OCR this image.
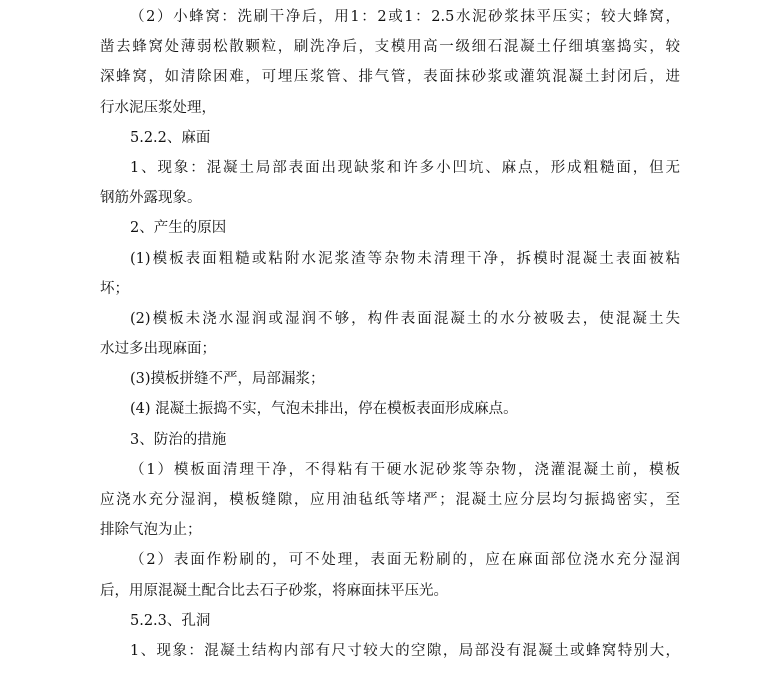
（2）小蜂窝：洗刷干净后，用1：2或1：2.5水泥砂浆抹平压实；较大蜂窝，
凿去蜂窝处薄弱松散颗粒，刷洗净后，支模用高一级细石混凝土仔细填塞捣实，较
深蜂窝，如清除困难，可埋压浆管、排气管，表面抹砂浆或灌筑混凝土封闭后，进
行水泥压浆处理，
5.2.2、麻面
1、现象：混凝土局部表面出现缺浆和许多小凹坑、麻点，形成粗糙面，但无
钢筋外露现象。
2、产生的原因
(1)模板表面粗糙或粘附水泥浆渣等杂物未清理干净，拆模时混凝土表面被粘
坏；
(2)模板未浇水湿润或湿润不够，构件表面混凝土的水分被吸去，使混凝土失
水过多出现麻面；
(3)摸板拼缝不严，局部漏浆；
(4) 混凝土振捣不实，气泡未排出，停在模板表面形成麻点。
3、防治的措施
（1）模板面清理干净，不得粘有干硬水泥砂浆等杂物，浇灌混凝土前，模板
应浇水充分湿润，模板缝隙，应用油毡纸等堵严；混凝土应分层均匀振捣密实，至
排除气泡为止；
（2）表面作粉刷的，可不处理，表面无粉刷的，应在麻面部位浇水充分湿润
后，用原混凝土配合比去石子砂浆，将麻面抹平压光。
5.2.3、孔洞
1、现象：混凝土结构内部有尺寸较大的空隙，局部没有混凝土或蜂窝特别大，
